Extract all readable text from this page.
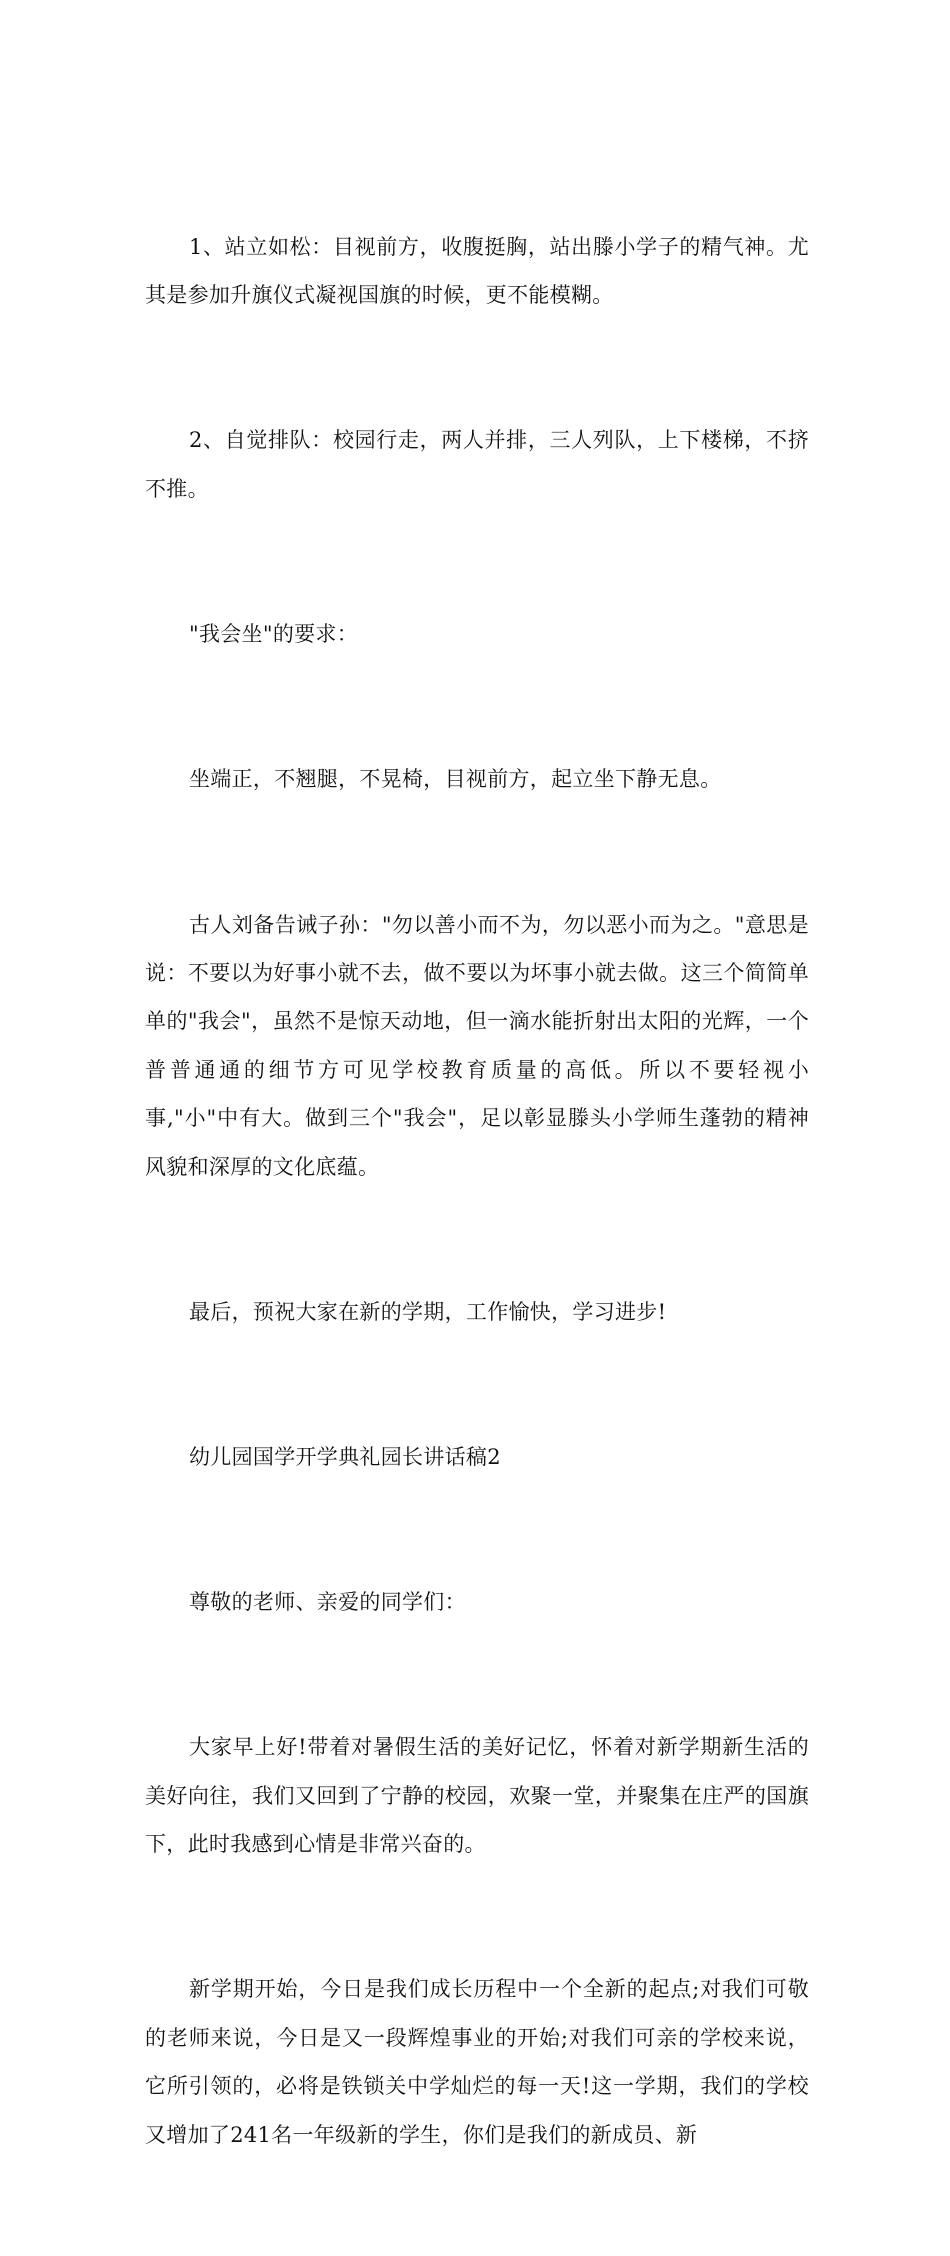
1、站立如松：目视前方，收腹挺胸，站出滕小学子的精气神。尤其是参加升旗仪式凝视国旗的时候，更不能模糊。

2、自觉排队：校园行走，两人并排，三人列队，上下楼梯，不挤不推。

"我会坐"的要求：

坐端正，不翘腿，不晃椅，目视前方，起立坐下静无息。

古人刘备告诫子孙："勿以善小而不为，勿以恶小而为之。"意思是说：不要以为好事小就不去，做不要以为坏事小就去做。这三个简简单单的"我会"，虽然不是惊天动地，但一滴水能折射出太阳的光辉，一个普普通通的细节方可见学校教育质量的高低。所以不要轻视小事,"小"中有大。做到三个"我会"，足以彰显滕头小学师生蓬勃的精神风貌和深厚的文化底蕴。

最后，预祝大家在新的学期，工作愉快，学习进步!

幼儿园国学开学典礼园长讲话稿2

尊敬的老师、亲爱的同学们：

大家早上好!带着对暑假生活的美好记忆，怀着对新学期新生活的美好向往，我们又回到了宁静的校园，欢聚一堂，并聚集在庄严的国旗下，此时我感到心情是非常兴奋的。

新学期开始，今日是我们成长历程中一个全新的起点;对我们可敬的老师来说，今日是又一段辉煌事业的开始;对我们可亲的学校来说，它所引领的，必将是铁锁关中学灿烂的每一天!这一学期，我们的学校又增加了241名一年级新的学生，你们是我们的新成员、新
